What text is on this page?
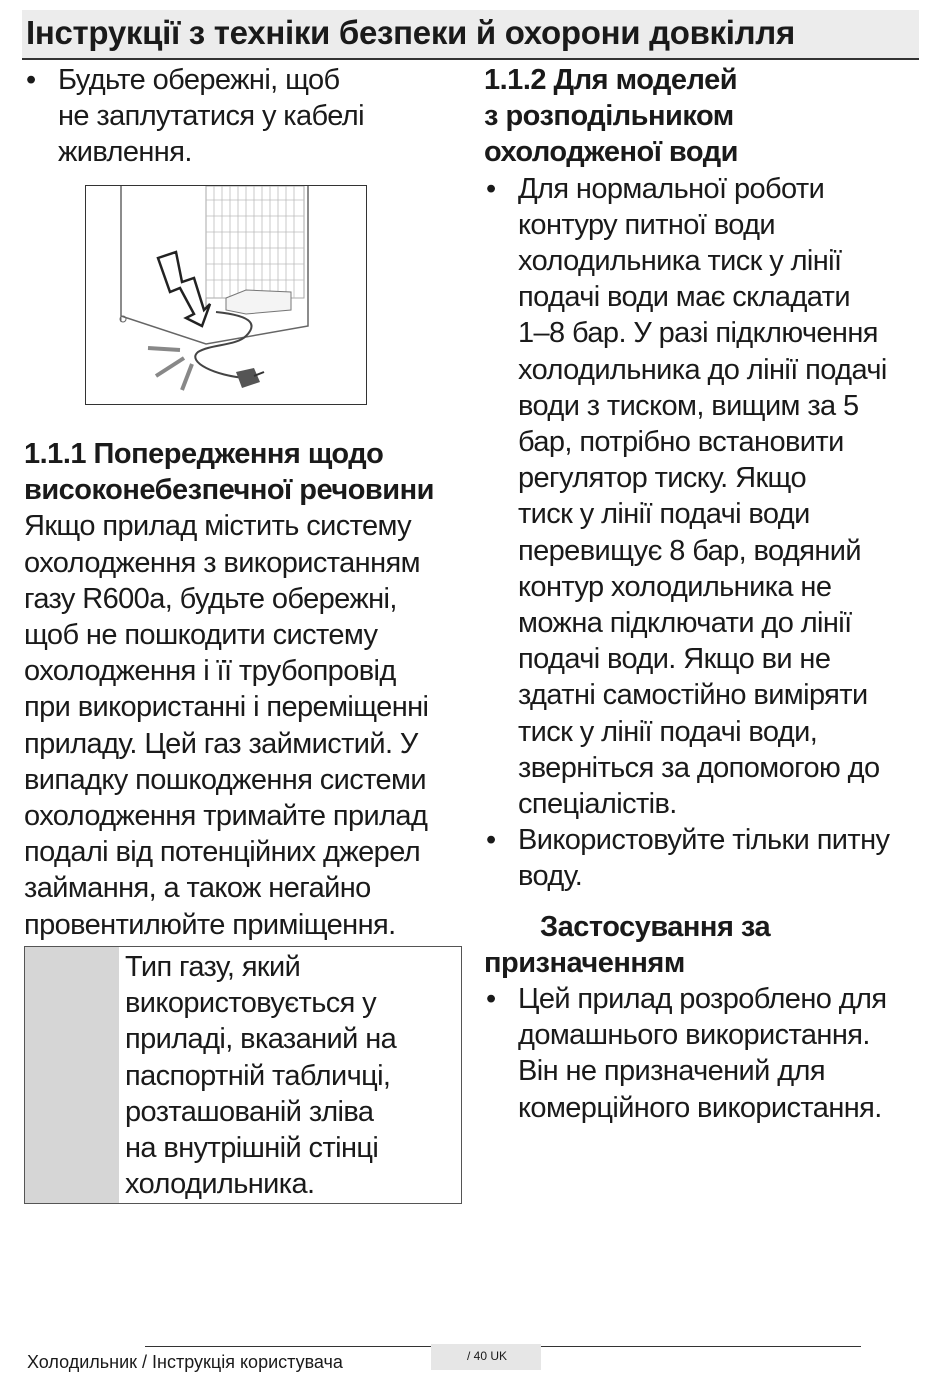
Інструкції з техніки безпеки й охорони довкілля
• Будьте обережні, щоб
не заплутатися у кабелі
живлення.
1.1.1 Попередження щодо
високонебезпечної речовини
Якщо прилад містить систему
охолодження з використанням
газу R600a, будьте обережні,
щоб не пошкодити систему
охолодження і її трубопровід
при використанні і переміщенні
приладу. Цей газ займистий. У
випадку пошкодження системи
охолодження тримайте прилад
подалі від потенційних джерел
займання, а також негайно
провентилюйте приміщення.
Тип газу, який
використовується у
приладі, вказаний на
паспортній табличці,
розташованій зліва
на внутрішній стінці
холодильника.
1.1.2 Для моделей
з розподільником
охолодженої води
• Для нормальної роботи
контуру питної води
холодильника тиск у лінії
подачі води має складати
1–8 бар. У разі підключення
холодильника до лінії подачі
води з тиском, вищим за 5
бар, потрібно встановити
регулятор тиску. Якщо
тиск у лінії подачі води
перевищує 8 бар, водяний
контур холодильника не
можна підключати до лінії
подачі води. Якщо ви не
здатні самостійно виміряти
тиск у лінії подачі води,
зверніться за допомогою до
спеціалістів.
• Використовуйте тільки питну
воду.
Застосування за
призначенням
• Цей прилад розроблено для
домашнього використання.
Він не призначений для
комерційного використання.
Холодильник / Інструкція користувача	/ 40 UK
